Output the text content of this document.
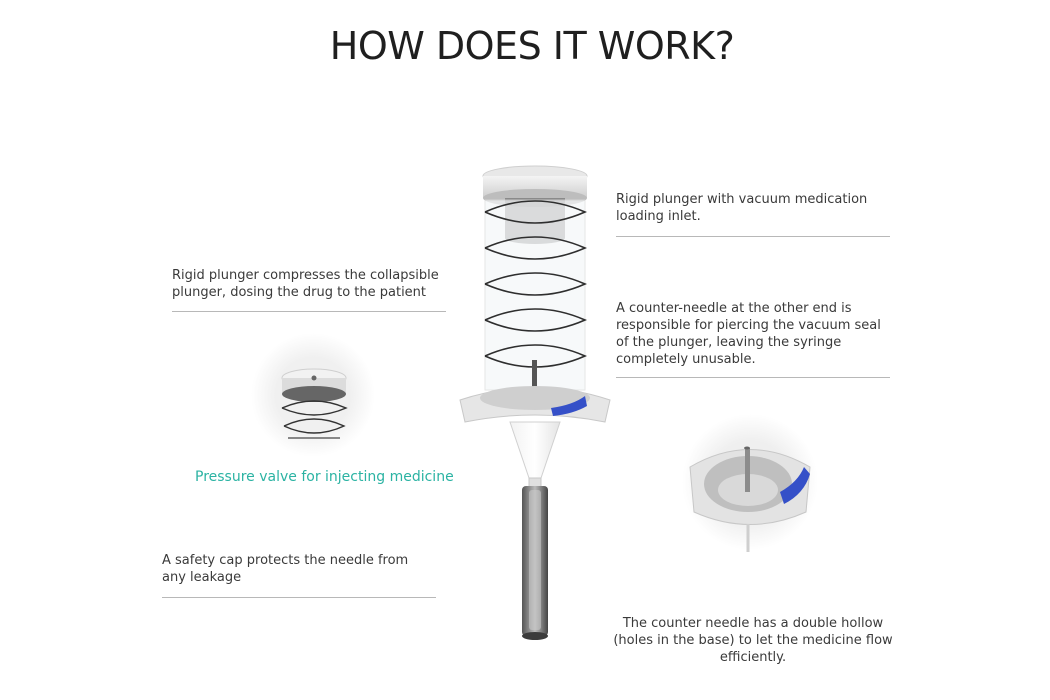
HOW DOES IT WORK?
Rigid plunger with vacuum medication loading inlet.
Rigid plunger compresses the collapsible plunger, dosing the drug to the patient
A counter-needle at the other end is responsible for piercing the vacuum seal of the plunger, leaving the syringe completely unusable.
Pressure valve for injecting medicine
A safety cap protects the needle from any leakage
The counter needle has a double hollow (holes in the base) to let the medicine flow efficiently.
